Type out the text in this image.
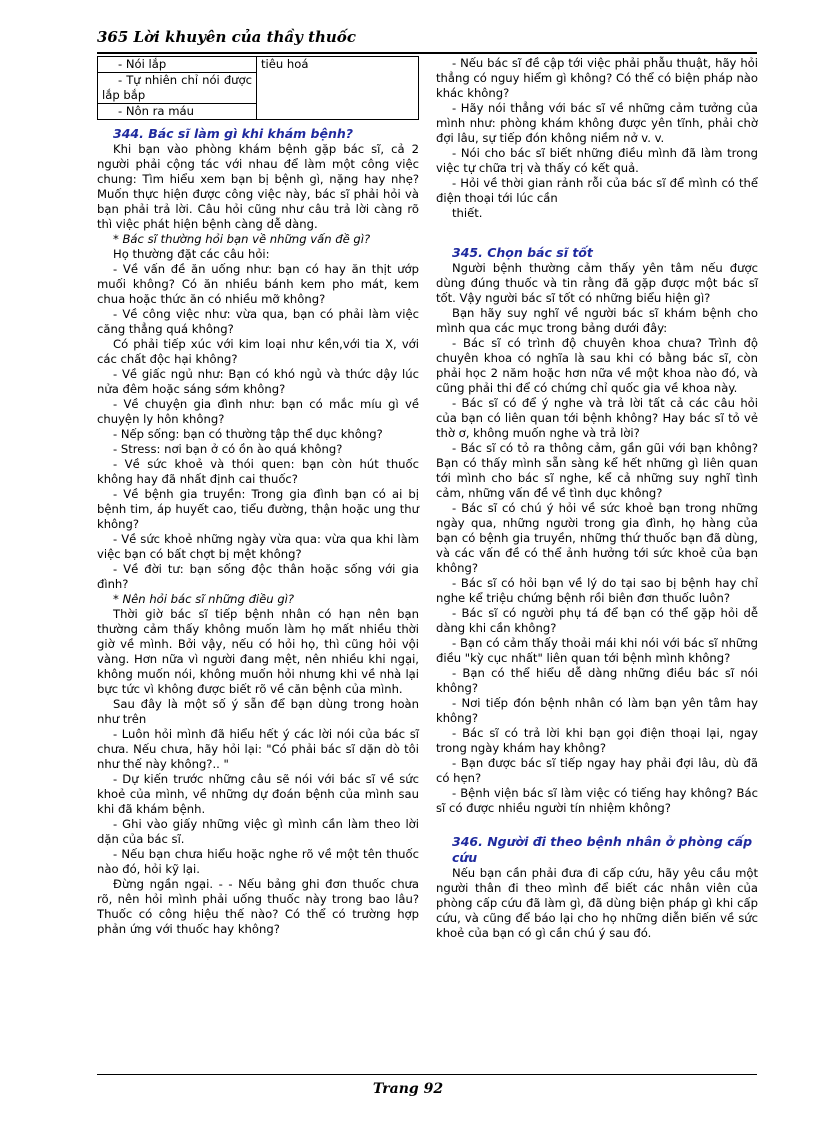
365 Lời khuyên của thầy thuốc

- Nói lắp	tiêu hoá

- Tự nhiên chỉ nói được lắp bắp

- Nôn ra máu

344. Bác sĩ làm gì khi khám bệnh?

Khi bạn vào phòng khám bệnh gặp bác sĩ, cả 2 người phải cộng tác với nhau để làm một công việc chung: Tìm hiểu xem bạn bị bệnh gì, nặng hay nhẹ? Muốn thực hiện được công việc này, bác sĩ phải hỏi và bạn phải trả lời. Câu hỏi cũng như câu trả lời càng rõ thì việc phát hiện bệnh càng dễ dàng.

* Bác sĩ thường hỏi bạn về những vấn đề gì?

Họ thường đặt các câu hỏi:

- Về vấn đề ăn uống như: bạn có hay ăn thịt ướp muối không? Có ăn nhiều bánh kem pho mát, kem chua hoặc thức ăn có nhiều mỡ không?

- Về công việc như: vừa qua, bạn có phải làm việc căng thẳng quá không?

Có phải tiếp xúc với kim loại như kền,với tia X, với các chất độc hại không?

- Về giấc ngủ như: Bạn có khó ngủ và thức dậy lúc nửa đêm hoặc sáng sớm không?

- Về chuyện gia đình như: bạn có mắc míu gì về chuyện ly hôn không?

- Nếp sống: bạn có thường tập thể dục không?

- Stress: nơi bạn ở có ồn ào quá không?

- Về sức khoẻ và thói quen: bạn còn hút thuốc không hay đã nhất định cai thuốc?

- Về bệnh gia truyền: Trong gia đình bạn có ai bị bệnh tim, áp huyết cao, tiểu đường, thận hoặc ung thư không?

- Về sức khoẻ những ngày vừa qua: vừa qua khi làm việc bạn có bất chợt bị mệt không?

- Về đời tư: bạn sống độc thân hoặc sống với gia đình?

* Nên hỏi bác sĩ những điều gì?

Thời giờ bác sĩ tiếp bệnh nhân có hạn nên bạn thường cảm thấy không muốn làm họ mất nhiều thời giờ về mình. Bởi vậy, nếu có hỏi họ, thì cũng hỏi vội vàng. Hơn nữa vì người đang mệt, nên nhiều khi ngại, không muốn nói, không muốn hỏi nhưng khi về nhà lại bực tức vì không được biết rõ về căn bệnh của mình.

Sau đây là một số ý sẵn để bạn dùng trong hoàn như trên

- Luôn hỏi mình đã hiểu hết ý các lời nói của bác sĩ chưa. Nếu chưa, hãy hỏi lại: "Có phải bác sĩ dặn dò tôi như thế này không?.. "

- Dự kiến trước những câu sẽ nói với bác sĩ về sức khoẻ của mình, về những dự đoán bệnh của mình sau khi đã khám bệnh.

- Ghi vào giấy những việc gì mình cần làm theo lời dặn của bác sĩ.

- Nếu bạn chưa hiểu hoặc nghe rõ về một tên thuốc nào đó, hỏi kỹ lại.

Đừng ngần ngại. - - Nếu bảng ghi đơn thuốc chưa rõ, nên hỏi mình phải uống thuốc này trong bao lâu? Thuốc có công hiệu thế nào? Có thể có trường hợp phản ứng với thuốc hay không?

- Nếu bác sĩ đề cập tới việc phải phẫu thuật, hãy hỏi thẳng có nguy hiểm gì không? Có thể có biện pháp nào khác không?

- Hãy nói thẳng với bác sĩ về những cảm tưởng của mình như: phòng khám không được yên tĩnh, phải chờ đợi lâu, sự tiếp đón không niềm nở v. v.

- Nói cho bác sĩ biết những điều mình đã làm trong việc tự chữa trị và thấy có kết quả.

- Hỏi về thời gian rảnh rỗi của bác sĩ để mình có thể điện thoại tới lúc cần

thiết.

345. Chọn bác sĩ tốt

Người bệnh thường cảm thấy yên tâm nếu được dùng đúng thuốc và tin rằng đã gặp được một bác sĩ tốt. Vậy người bác sĩ tốt có những biểu hiện gì?

Bạn hãy suy nghĩ về người bác sĩ khám bệnh cho mình qua các mục trong bảng dưới đây:

- Bác sĩ có trình độ chuyên khoa chưa? Trình độ chuyên khoa có nghĩa là sau khi có bằng bác sĩ, còn phải học 2 năm hoặc hơn nữa về một khoa nào đó, và cũng phải thi để có chứng chỉ quốc gia về khoa này.

- Bác sĩ có để ý nghe và trả lời tất cả các câu hỏi của bạn có liên quan tới bệnh không? Hay bác sĩ tỏ vẻ thờ ơ, không muốn nghe và trả lời?

- Bác sĩ có tỏ ra thông cảm, gần gũi với bạn không? Bạn có thấy mình sẵn sàng kể hết những gì liên quan tới mình cho bác sĩ nghe, kể cả những suy nghĩ tình cảm, những vấn đề về tình dục không?

- Bác sĩ có chú ý hỏi về sức khoẻ bạn trong những ngày qua, những người trong gia đình, họ hàng của bạn có bệnh gia truyền, những thứ thuốc bạn đã dùng, và các vấn đề có thể ảnh hưởng tới sức khoẻ của bạn không?

- Bác sĩ có hỏi bạn về lý do tại sao bị bệnh hay chỉ nghe kể triệu chứng bệnh rồi biên đơn thuốc luôn?

- Bác sĩ có người phụ tá để bạn có thể gặp hỏi dễ dàng khi cần không?

- Bạn có cảm thấy thoải mái khi nói với bác sĩ những điều "kỳ cục nhất" liên quan tới bệnh mình không?

- Bạn có thể hiểu dễ dàng những điều bác sĩ nói không?

- Nơi tiếp đón bệnh nhân có làm bạn yên tâm hay không?

- Bác sĩ có trả lời khi bạn gọi điện thoại lại, ngay trong ngày khám hay không?

- Bạn được bác sĩ tiếp ngay hay phải đợi lâu, dù đã có hẹn?

- Bệnh viện bác sĩ làm việc có tiếng hay không? Bác sĩ có được nhiều người tín nhiệm không?

346. Người đi theo bệnh nhân ở phòng cấp cứu

Nếu bạn cần phải đưa đi cấp cứu, hãy yêu cầu một người thân đi theo mình để biết các nhân viên của phòng cấp cứu đã làm gì, đã dùng biện pháp gì khi cấp cứu, và cũng để báo lại cho họ những diễn biến về sức khoẻ của bạn có gì cần chú ý sau đó.

Trang 92
